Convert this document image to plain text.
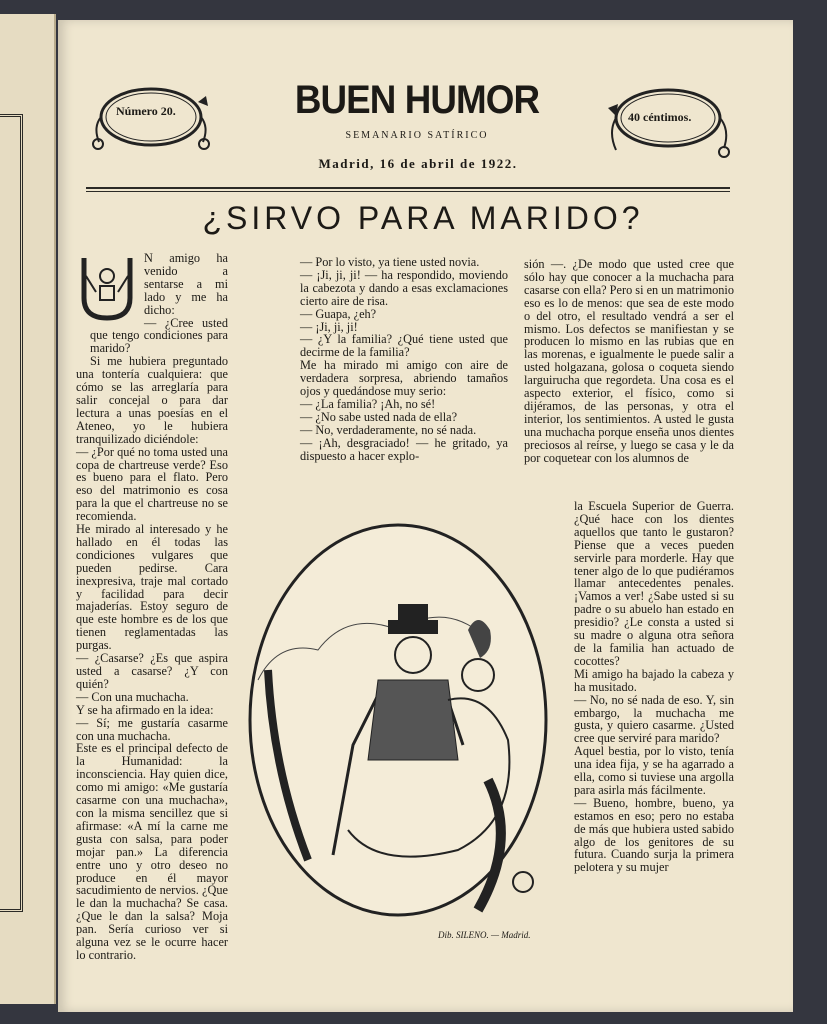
Número 20.	BUEN HUMOR
SEMANARIO SATÍRICO
Madrid, 16 de abril de 1922.
40 céntimos.
¿SIRVO PARA MARIDO?

N amigo ha venido a sentarse a mi lado y me ha dicho:

— ¿Cree usted que tengo condiciones para marido?

Si me hubiera preguntado una tontería cualquiera: que cómo se las arreglaría para salir concejal o para dar lectura a unas poesías en el Ateneo, yo le hubiera tranquilizado diciéndole:

— ¿Por qué no toma usted una copa de chartreuse verde? Eso es bueno para el flato. Pero eso del matrimonio es cosa para la que el chartreuse no se recomienda.

He mirado al interesado y he hallado en él todas las condiciones vulgares que pueden pedirse. Cara inexpresiva, traje mal cortado y facilidad para decir majaderías. Estoy seguro de que este hombre es de los que tienen reglamentadas las purgas.

— ¿Casarse? ¿Es que aspira usted a casarse? ¿Y con quién?

— Con una muchacha.

Y se ha afirmado en la idea:

— Sí; me gustaría casarme con una muchacha.

Este es el principal defecto de la Humanidad: la inconsciencia. Hay quien dice, como mi amigo: «Me gustaría casarme con una muchacha», con la misma sencillez que si afirmase: «A mí la carne me gusta con salsa, para poder mojar pan.» La diferencia entre uno y otro deseo no produce en él mayor sacudimiento de nervios. ¿Que le dan la muchacha? Se casa. ¿Que le dan la salsa? Moja pan. Sería curioso ver si alguna vez se le ocurre hacer lo contrario.

— Por lo visto, ya tiene usted novia.

— ¡Ji, ji, ji! — ha respondido, moviendo la cabezota y dando a esas exclamaciones cierto aire de risa.

— Guapa, ¿eh?

— ¡Ji, ji, ji!

— ¿Y la familia? ¿Qué tiene usted que decirme de la familia?

Me ha mirado mi amigo con aire de verdadera sorpresa, abriendo tamaños ojos y quedándose muy serio:

— ¿La familia? ¡Ah, no sé!

— ¿No sabe usted nada de ella?

— No, verdaderamente, no sé nada.

— ¡Ah, desgraciado! — he gritado, ya dispuesto a hacer explo-

sión —. ¿De modo que usted cree que sólo hay que conocer a la muchacha para casarse con ella? Pero si en un matrimonio eso es lo de menos: que sea de este modo o del otro, el resultado vendrá a ser el mismo. Los defectos se manifiestan y se producen lo mismo en las rubias que en las morenas, e igualmente le puede salir a usted holgazana, golosa o coqueta siendo larguirucha que regordeta. Una cosa es el aspecto exterior, el físico, como si dijéramos, de las personas, y otra el interior, los sentimientos. A usted le gusta una muchacha porque enseña unos dientes preciosos al reírse, y luego se casa y le da por coquetear con los alumnos de

la Escuela Superior de Guerra. ¿Qué hace con los dientes aquellos que tanto le gustaron? Piense que a veces pueden servirle para morderle. Hay que tener algo de lo que pudiéramos llamar antecedentes penales. ¡Vamos a ver! ¿Sabe usted si su padre o su abuelo han estado en presidio? ¿Le consta a usted si su madre o alguna otra señora de la familia han actuado de cocottes?

Mi amigo ha bajado la cabeza y ha musitado.

— No, no sé nada de eso. Y, sin embargo, la muchacha me gusta, y quiero casarme. ¿Usted cree que serviré para marido?

Aquel bestia, por lo visto, tenía una idea fija, y se ha agarrado a ella, como si tuviese una argolla para asirla más fácilmente.

— Bueno, hombre, bueno, ya estamos en eso; pero no estaba de más que hubiera usted sabido algo de los genitores de su futura. Cuando surja la primera pelotera y su mujer

Dib. SILENO. — Madrid.
